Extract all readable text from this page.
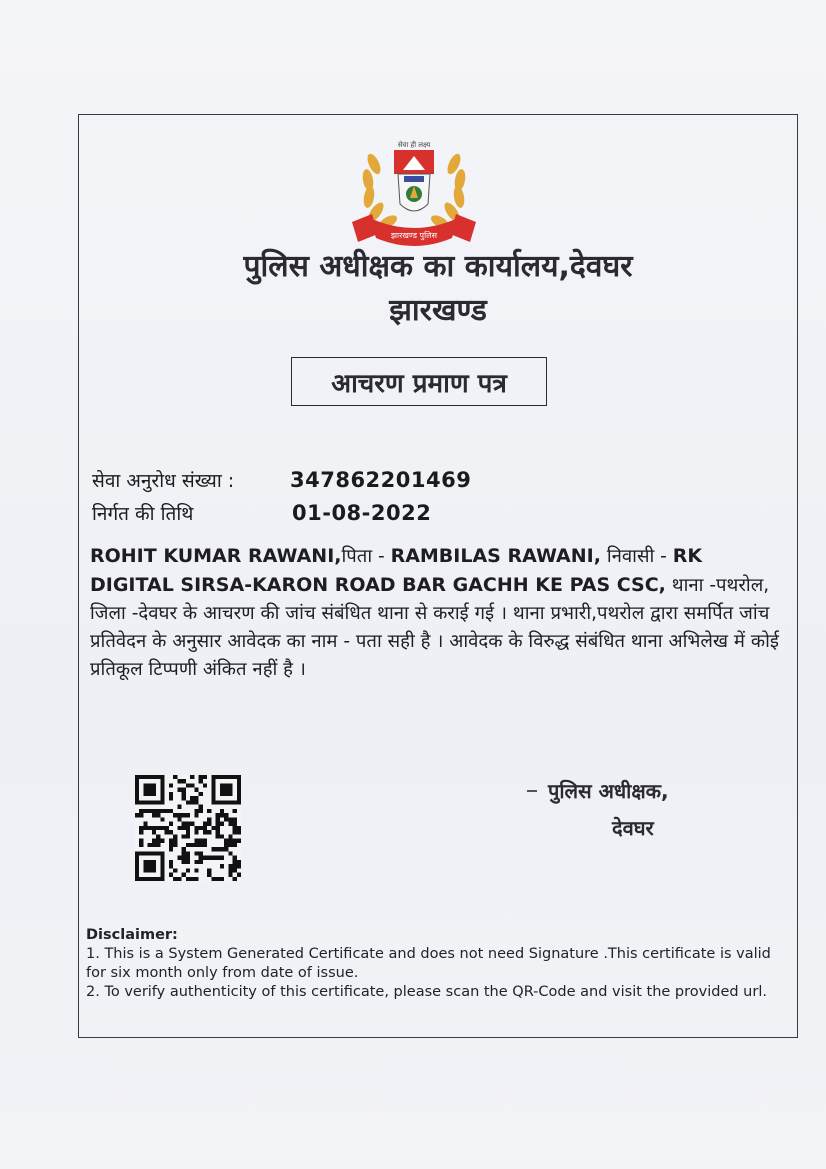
सेवा ही लक्ष्य
झारखण्ड पुलिस
पुलिस अधीक्षक का कार्यालय,देवघर
झारखण्ड
आचरण प्रमाण पत्र
सेवा अनुरोध संख्या :	347862201469
निर्गत की तिथि	01-08-2022

ROHIT KUMAR RAWANI,पिता - RAMBILAS RAWANI, निवासी - RK DIGITAL SIRSA-KARON ROAD BAR GACHH KE PAS CSC, थाना -पथरोल, जिला -देवघर के आचरण की जांच संबंधित थाना से कराई गई । थाना प्रभारी,पथरोल द्वारा समर्पित जांच प्रतिवेदन के अनुसार आवेदक का नाम - पता सही है । आवेदक के विरुद्ध संबंधित थाना अभिलेख में कोई प्रतिकूल टिप्पणी अंकित नहीं है ।

पुलिस अधीक्षक,
देवघर

Disclaimer:

1. This is a System Generated Certificate and does not need Signature .This certificate is valid for six month only from date of issue.

2. To verify authenticity of this certificate, please scan the QR-Code and visit the provided url.
